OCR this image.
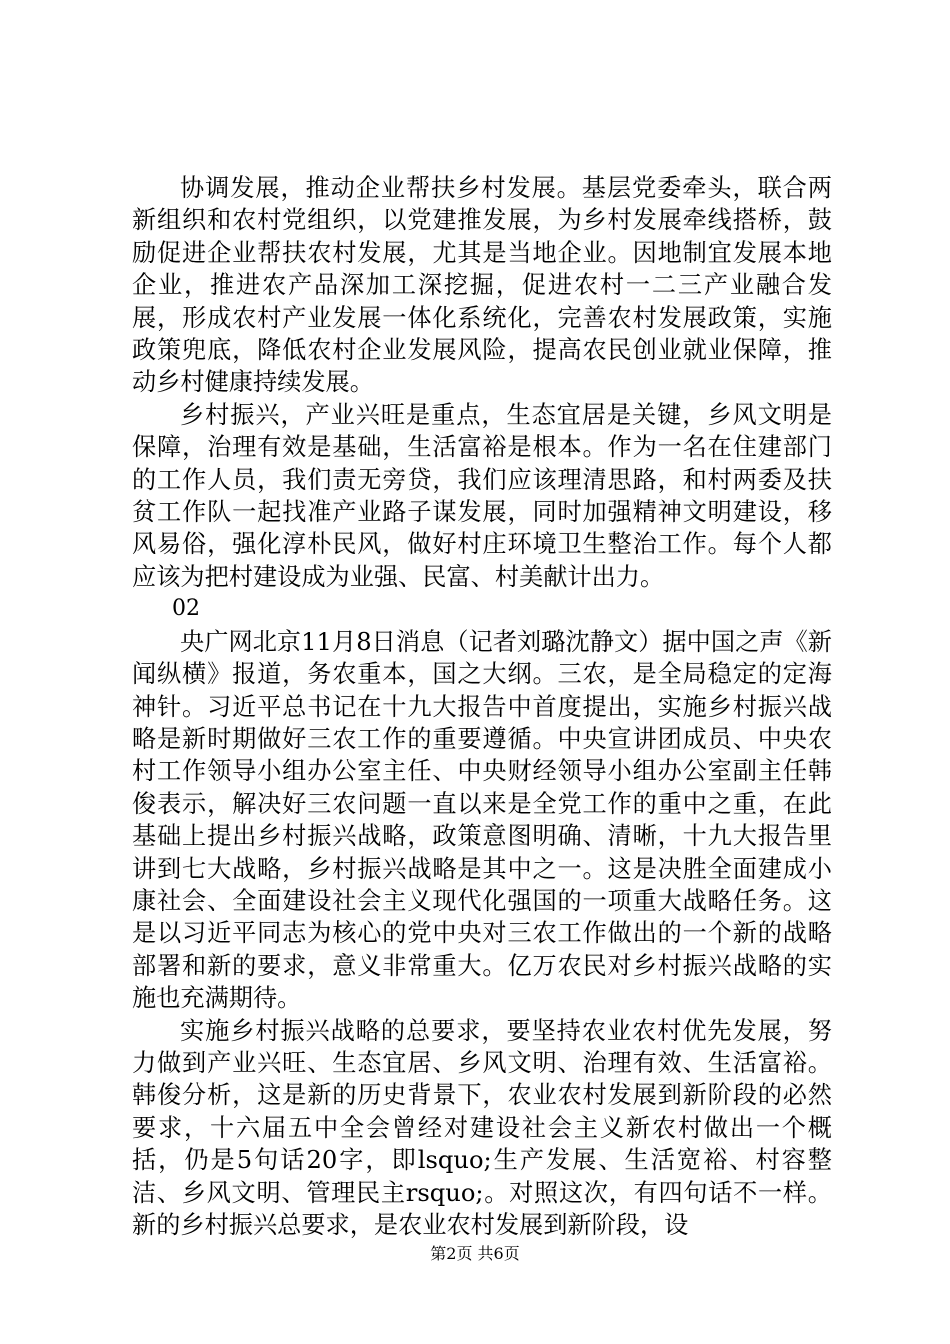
协调发展，推动企业帮扶乡村发展。基层党委牵头，联合两新组织和农村党组织，以党建推发展，为乡村发展牵线搭桥，鼓励促进企业帮扶农村发展，尤其是当地企业。因地制宜发展本地企业，推进农产品深加工深挖掘，促进农村一二三产业融合发展，形成农村产业发展一体化系统化，完善农村发展政策，实施政策兜底，降低农村企业发展风险，提高农民创业就业保障，推动乡村健康持续发展。

乡村振兴，产业兴旺是重点，生态宜居是关键，乡风文明是保障，治理有效是基础，生活富裕是根本。作为一名在住建部门的工作人员，我们责无旁贷，我们应该理清思路，和村两委及扶贫工作队一起找准产业路子谋发展，同时加强精神文明建设，移风易俗，强化淳朴民风，做好村庄环境卫生整治工作。每个人都应该为把村建设成为业强、民富、村美献计出力。

02

央广网北京11月8日消息（记者刘璐沈静文）据中国之声《新闻纵横》报道，务农重本，国之大纲。三农，是全局稳定的定海神针。习近平总书记在十九大报告中首度提出，实施乡村振兴战略是新时期做好三农工作的重要遵循。中央宣讲团成员、中央农村工作领导小组办公室主任、中央财经领导小组办公室副主任韩俊表示，解决好三农问题一直以来是全党工作的重中之重，在此基础上提出乡村振兴战略，政策意图明确、清晰，十九大报告里讲到七大战略，乡村振兴战略是其中之一。这是决胜全面建成小康社会、全面建设社会主义现代化强国的一项重大战略任务。这是以习近平同志为核心的党中央对三农工作做出的一个新的战略部署和新的要求，意义非常重大。亿万农民对乡村振兴战略的实施也充满期待。

实施乡村振兴战略的总要求，要坚持农业农村优先发展，努力做到产业兴旺、生态宜居、乡风文明、治理有效、生活富裕。韩俊分析，这是新的历史背景下，农业农村发展到新阶段的必然要求，十六届五中全会曾经对建设社会主义新农村做出一个概括，仍是5句话20字，即lsquo;生产发展、生活宽裕、村容整洁、乡风文明、管理民主rsquo;。对照这次，有四句话不一样。新的乡村振兴总要求，是农业农村发展到新阶段，设

第2页 共6页
